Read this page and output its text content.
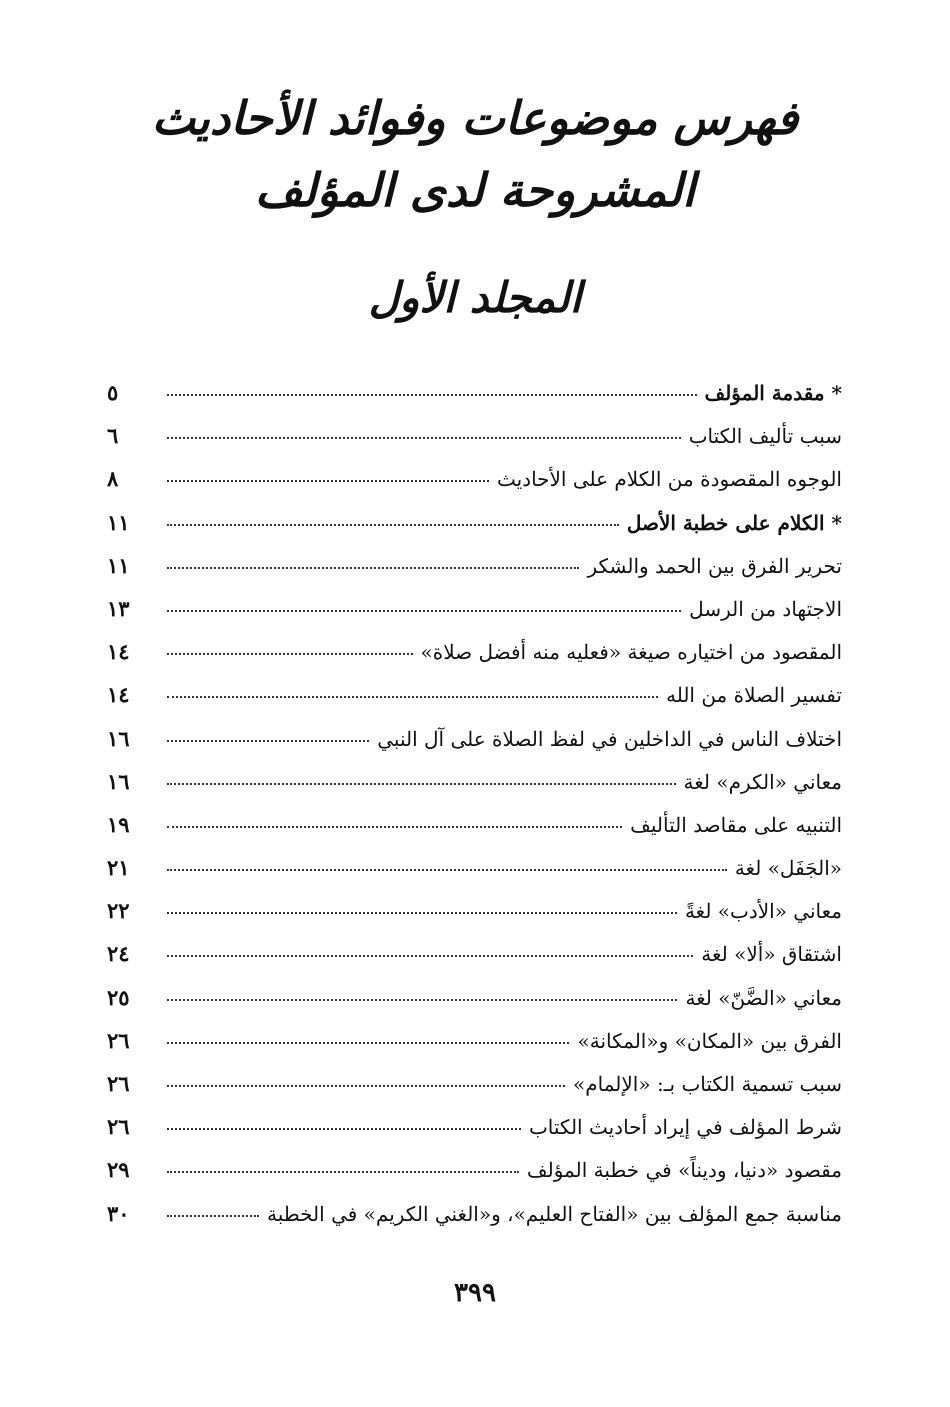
فهرس موضوعات وفوائد الأحاديث
المشروحة لدى المؤلف
المجلد الأول
* مقدمة المؤلف
٥
سبب تأليف الكتاب
٦
الوجوه المقصودة من الكلام على الأحاديث
٨
* الكلام على خطبة الأصل
١١
تحرير الفرق بين الحمد والشكر
١١
الاجتهاد من الرسل
١٣
المقصود من اختياره صيغة «فعليه منه أفضل صلاة»
١٤
تفسير الصلاة من الله
١٤
اختلاف الناس في الداخلين في لفظ الصلاة على آل النبي
١٦
معاني «الكرم» لغة
١٦
التنبيه على مقاصد التأليف
١٩
«الجَفَل» لغة
٢١
معاني «الأدب» لغةً
٢٢
اشتقاق «ألا» لغة
٢٤
معاني «الضَّنّ» لغة
٢٥
الفرق بين «المكان» و«المكانة»
٢٦
سبب تسمية الكتاب بـ: «الإلمام»
٢٦
شرط المؤلف في إيراد أحاديث الكتاب
٢٦
مقصود «دنيا، وديناً» في خطبة المؤلف
٢٩
مناسبة جمع المؤلف بين «الفتاح العليم»، و«الغني الكريم» في الخطبة
٣٠
٣٩٩
